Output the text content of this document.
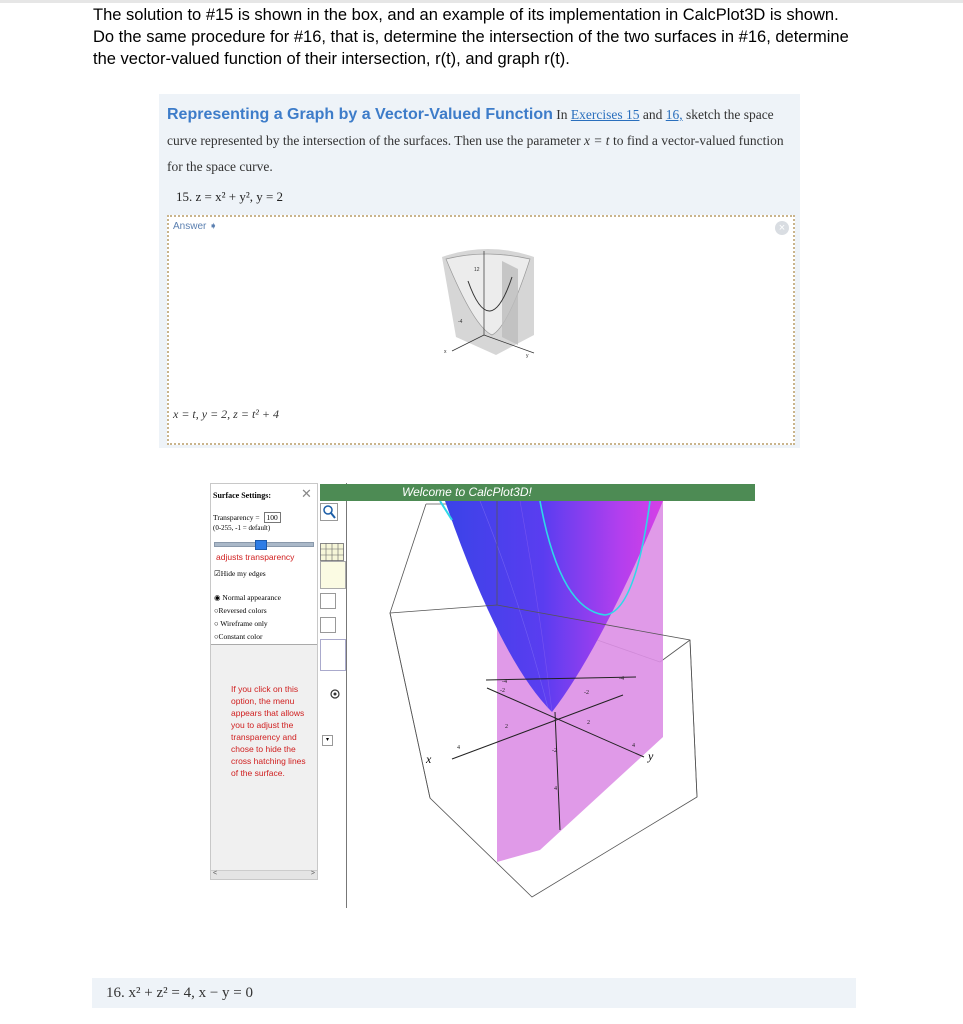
The solution to #15 is shown in the box, and an example of its implementation in CalcPlot3D is shown.

Do the same procedure for #16, that is, determine the intersection of the two surfaces in #16, determine

the vector-valued function of their intersection, r(t), and graph r(t).

Representing a Graph by a Vector-Valued Function In Exercises 15 and 16, sketch the space curve represented by the intersection of the surfaces. Then use the parameter x = t to find a vector-valued function for the space curve.
15. z = x² + y², y = 2
Answer ➧	×
12
-4
y
x
x = t, y = 2, z = t² + 4
Surface Settings: ✕
Transparency = 100
(0-255, -1 = default)
adjusts transparency
☑Hide my edges
◉ Normal appearance
○Reversed colors
○ Wireframe only
○Constant color
If you click on this option, the menu appears that allows you to adjust the transparency and chose to hide the cross hatching lines of the surface.
<	>
▾
Welcome to CalcPlot3D!
x	y
-4
-2
2
4	-2
-4
2
4
-2
4
16. x² + z² = 4, x − y = 0
